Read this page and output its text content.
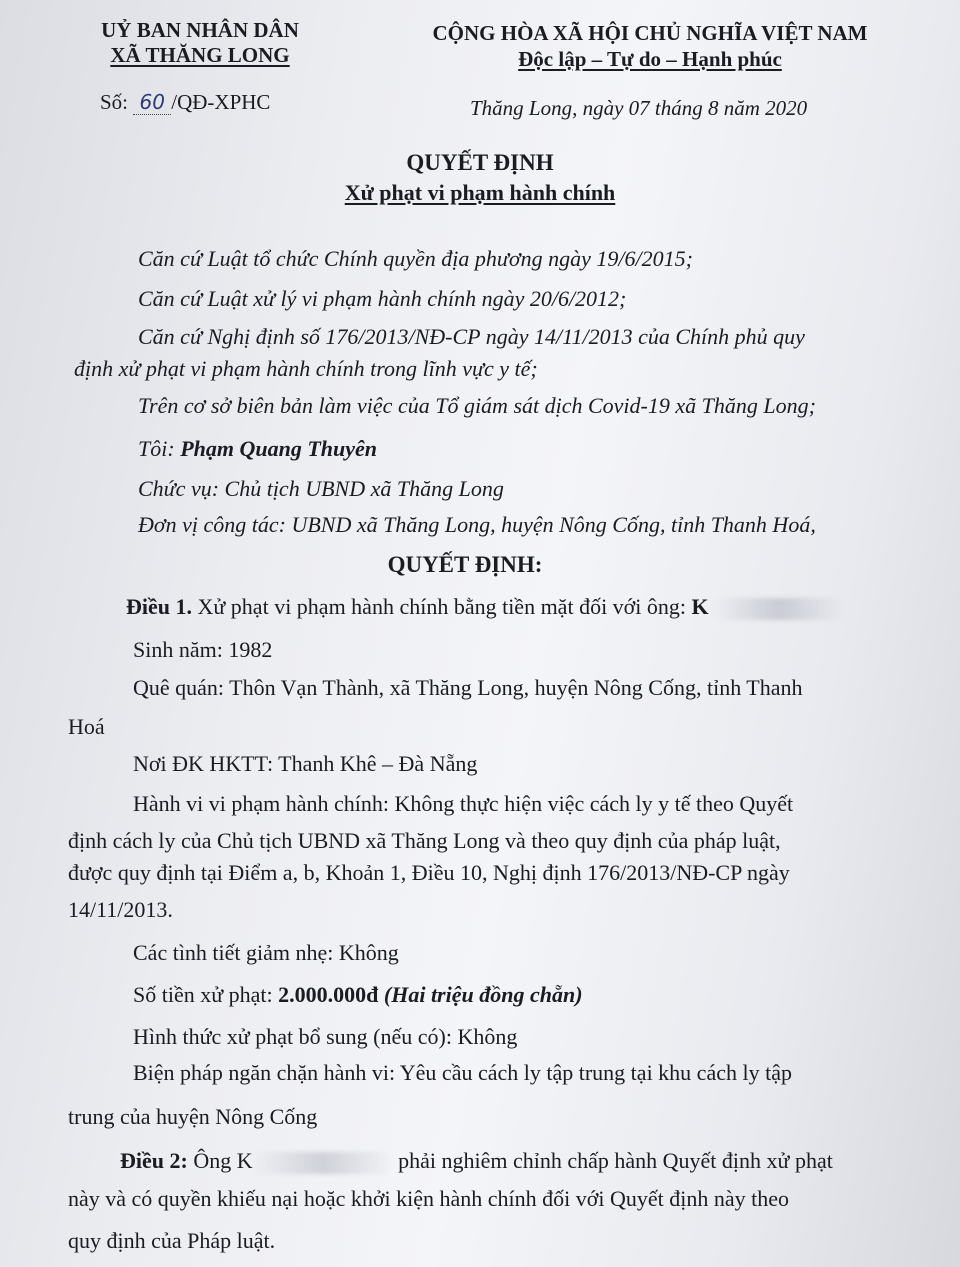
UỶ BAN NHÂN DÂN
XÃ THĂNG LONG
CỘNG HÒA XÃ HỘI CHỦ NGHĨA VIỆT NAM
Độc lập – Tự do – Hạnh phúc
Số: 60 /QĐ-XPHC	Thăng Long, ngày 07 tháng 8 năm 2020
QUYẾT ĐỊNH
Xử phạt vi phạm hành chính
Căn cứ Luật tổ chức Chính quyền địa phương ngày 19/6/2015;
Căn cứ Luật xử lý vi phạm hành chính ngày 20/6/2012;
Căn cứ Nghị định số 176/2013/NĐ-CP ngày 14/11/2013 của Chính phủ quy
định xử phạt vi phạm hành chính trong lĩnh vực y tế;
Trên cơ sở biên bản làm việc của Tổ giám sát dịch Covid-19 xã Thăng Long;
Tôi: Phạm Quang Thuyên
Chức vụ: Chủ tịch UBND xã Thăng Long
Đơn vị công tác: UBND xã Thăng Long, huyện Nông Cống, tỉnh Thanh Hoá,
QUYẾT ĐỊNH:
Điều 1. Xử phạt vi phạm hành chính bằng tiền mặt đối với ông: K
Sinh năm: 1982
Quê quán: Thôn Vạn Thành, xã Thăng Long, huyện Nông Cống, tỉnh Thanh
Hoá
Nơi ĐK HKTT: Thanh Khê – Đà Nẵng
Hành vi vi phạm hành chính: Không thực hiện việc cách ly y tế theo Quyết
định cách ly của Chủ tịch UBND xã Thăng Long và theo quy định của pháp luật,
được quy định tại Điểm a, b, Khoản 1, Điều 10, Nghị định 176/2013/NĐ-CP ngày
14/11/2013.
Các tình tiết giảm nhẹ: Không
Số tiền xử phạt: 2.000.000đ (Hai triệu đồng chẵn)
Hình thức xử phạt bổ sung (nếu có): Không
Biện pháp ngăn chặn hành vi: Yêu cầu cách ly tập trung tại khu cách ly tập
trung của huyện Nông Cống
Điều 2: Ông K	phải nghiêm chỉnh chấp hành Quyết định xử phạt
này và có quyền khiếu nại hoặc khởi kiện hành chính đối với Quyết định này theo
quy định của Pháp luật.
